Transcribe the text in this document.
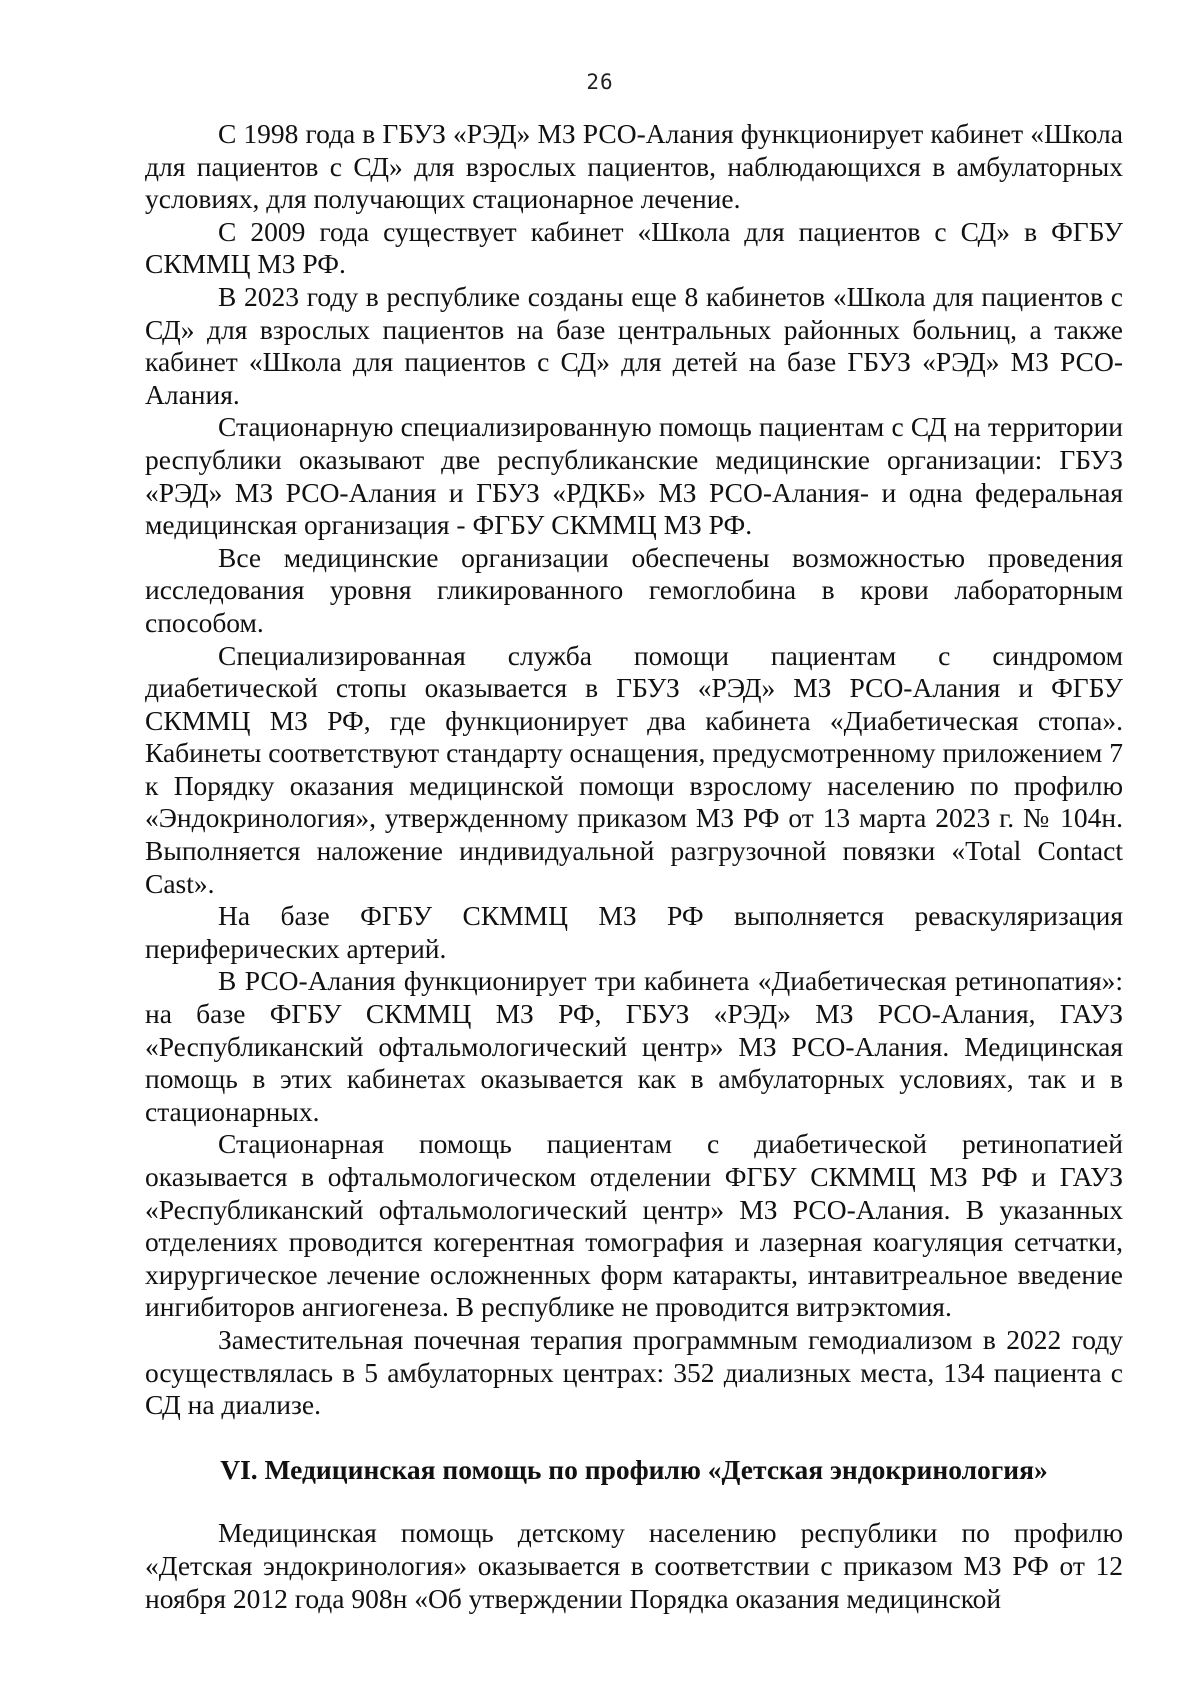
26

С 1998 года в ГБУЗ «РЭД» МЗ РСО-Алания функционирует кабинет «Школа для пациентов с СД» для взрослых пациентов, наблюдающихся в амбулаторных условиях, для получающих стационарное лечение.

С 2009 года существует кабинет «Школа для пациентов с СД» в ФГБУ СКММЦ МЗ РФ.

В 2023 году в республике созданы еще 8 кабинетов «Школа для пациентов с СД» для взрослых пациентов на базе центральных районных больниц, а также кабинет «Школа для пациентов с СД» для детей на базе ГБУЗ «РЭД» МЗ РСО-Алания.

Стационарную специализированную помощь пациентам с СД на территории республики оказывают две республиканские медицинские организации: ГБУЗ «РЭД» МЗ РСО-Алания и ГБУЗ «РДКБ» МЗ РСО-Алания- и одна федеральная медицинская организация - ФГБУ СКММЦ МЗ РФ.

Все медицинские организации обеспечены возможностью проведения исследования уровня гликированного гемоглобина в крови лабораторным способом.

Специализированная служба помощи пациентам с синдромом диабетической стопы оказывается в ГБУЗ «РЭД» МЗ РСО-Алания и ФГБУ СКММЦ МЗ РФ, где функционирует два кабинета «Диабетическая стопа». Кабинеты соответствуют стандарту оснащения, предусмотренному приложением 7 к Порядку оказания медицинской помощи взрослому населению по профилю «Эндокринология», утвержденному приказом МЗ РФ от 13 марта 2023 г. № 104н. Выполняется наложение индивидуальной разгрузочной повязки «Total Contact Cast».

На базе ФГБУ СКММЦ МЗ РФ выполняется реваскуляризация периферических артерий.

В РСО-Алания функционирует три кабинета «Диабетическая ретинопатия»: на базе ФГБУ СКММЦ МЗ РФ, ГБУЗ «РЭД» МЗ РСО-Алания, ГАУЗ «Республиканский офтальмологический центр» МЗ РСО-Алания. Медицинская помощь в этих кабинетах оказывается как в амбулаторных условиях, так и в стационарных.

Стационарная помощь пациентам с диабетической ретинопатией оказывается в офтальмологическом отделении ФГБУ СКММЦ МЗ РФ и ГАУЗ «Республиканский офтальмологический центр» МЗ РСО-Алания. В указанных отделениях проводится когерентная томография и лазерная коагуляция сетчатки, хирургическое лечение осложненных форм катаракты, интавитреальное введение ингибиторов ангиогенеза. В республике не проводится витрэктомия.

Заместительная почечная терапия программным гемодиализом в 2022 году осуществлялась в 5 амбулаторных центрах: 352 диализных места, 134 пациента с СД на диализе.

VI. Медицинская помощь по профилю «Детская эндокринология»

Медицинская помощь детскому населению республики по профилю «Детская эндокринология» оказывается в соответствии с приказом МЗ РФ от 12 ноября 2012 года 908н «Об утверждении Порядка оказания медицинской
